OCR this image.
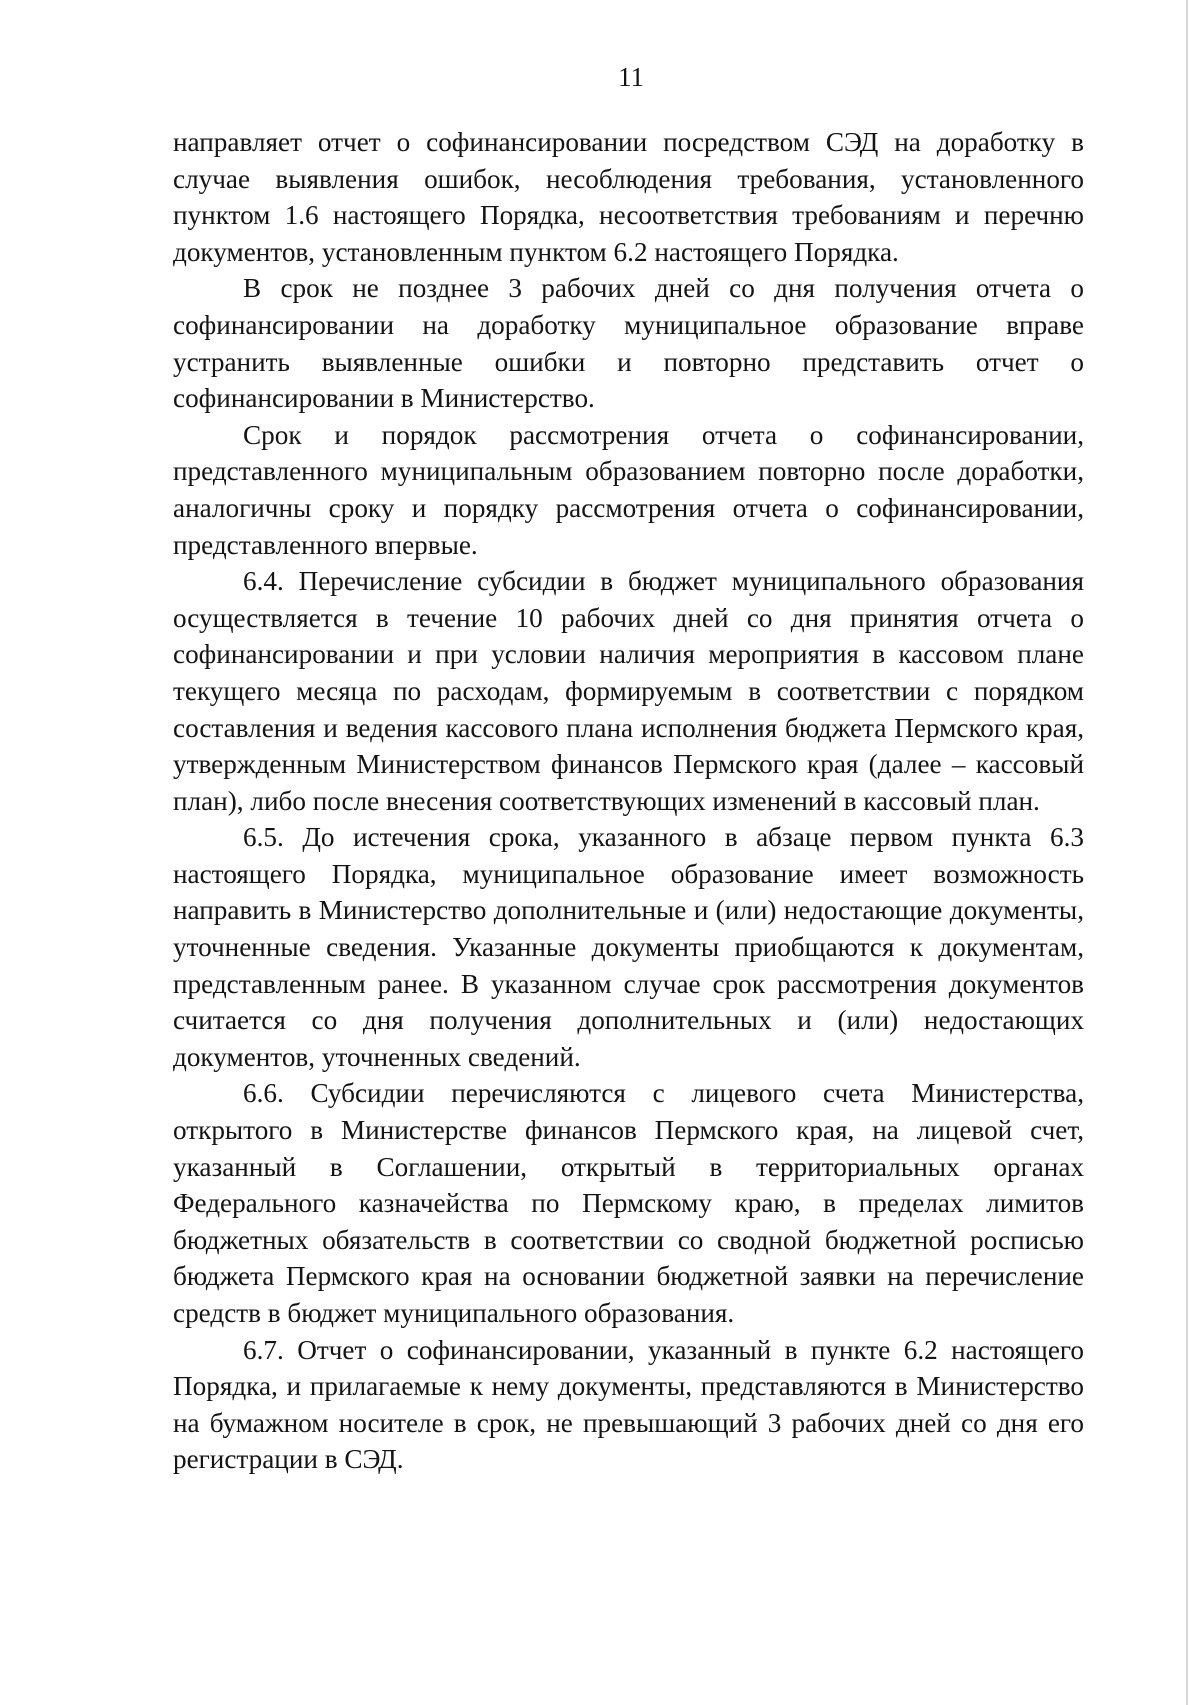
11

направляет отчет о софинансировании посредством СЭД на доработку в случае выявления ошибок, несоблюдения требования, установленного пунктом 1.6 настоящего Порядка, несоответствия требованиям и перечню документов, установленным пунктом 6.2 настоящего Порядка.

В срок не позднее 3 рабочих дней со дня получения отчета о софинансировании на доработку муниципальное образование вправе устранить выявленные ошибки и повторно представить отчет о софинансировании в Министерство.

Срок и порядок рассмотрения отчета о софинансировании, представленного муниципальным образованием повторно после доработки, аналогичны сроку и порядку рассмотрения отчета о софинансировании, представленного впервые.

6.4. Перечисление субсидии в бюджет муниципального образования осуществляется в течение 10 рабочих дней со дня принятия отчета о софинансировании и при условии наличия мероприятия в кассовом плане текущего месяца по расходам, формируемым в соответствии с порядком составления и ведения кассового плана исполнения бюджета Пермского края, утвержденным Министерством финансов Пермского края (далее – кассовый план), либо после внесения соответствующих изменений в кассовый план.

6.5. До истечения срока, указанного в абзаце первом пункта 6.3 настоящего Порядка, муниципальное образование имеет возможность направить в Министерство дополнительные и (или) недостающие документы, уточненные сведения. Указанные документы приобщаются к документам, представленным ранее. В указанном случае срок рассмотрения документов считается со дня получения дополнительных и (или) недостающих документов, уточненных сведений.

6.6. Субсидии перечисляются с лицевого счета Министерства, открытого в Министерстве финансов Пермского края, на лицевой счет, указанный в Соглашении, открытый в территориальных органах Федерального казначейства по Пермскому краю, в пределах лимитов бюджетных обязательств в соответствии со сводной бюджетной росписью бюджета Пермского края на основании бюджетной заявки на перечисление средств в бюджет муниципального образования.

6.7. Отчет о софинансировании, указанный в пункте 6.2 настоящего Порядка, и прилагаемые к нему документы, представляются в Министерство на бумажном носителе в срок, не превышающий 3 рабочих дней со дня его регистрации в СЭД.
